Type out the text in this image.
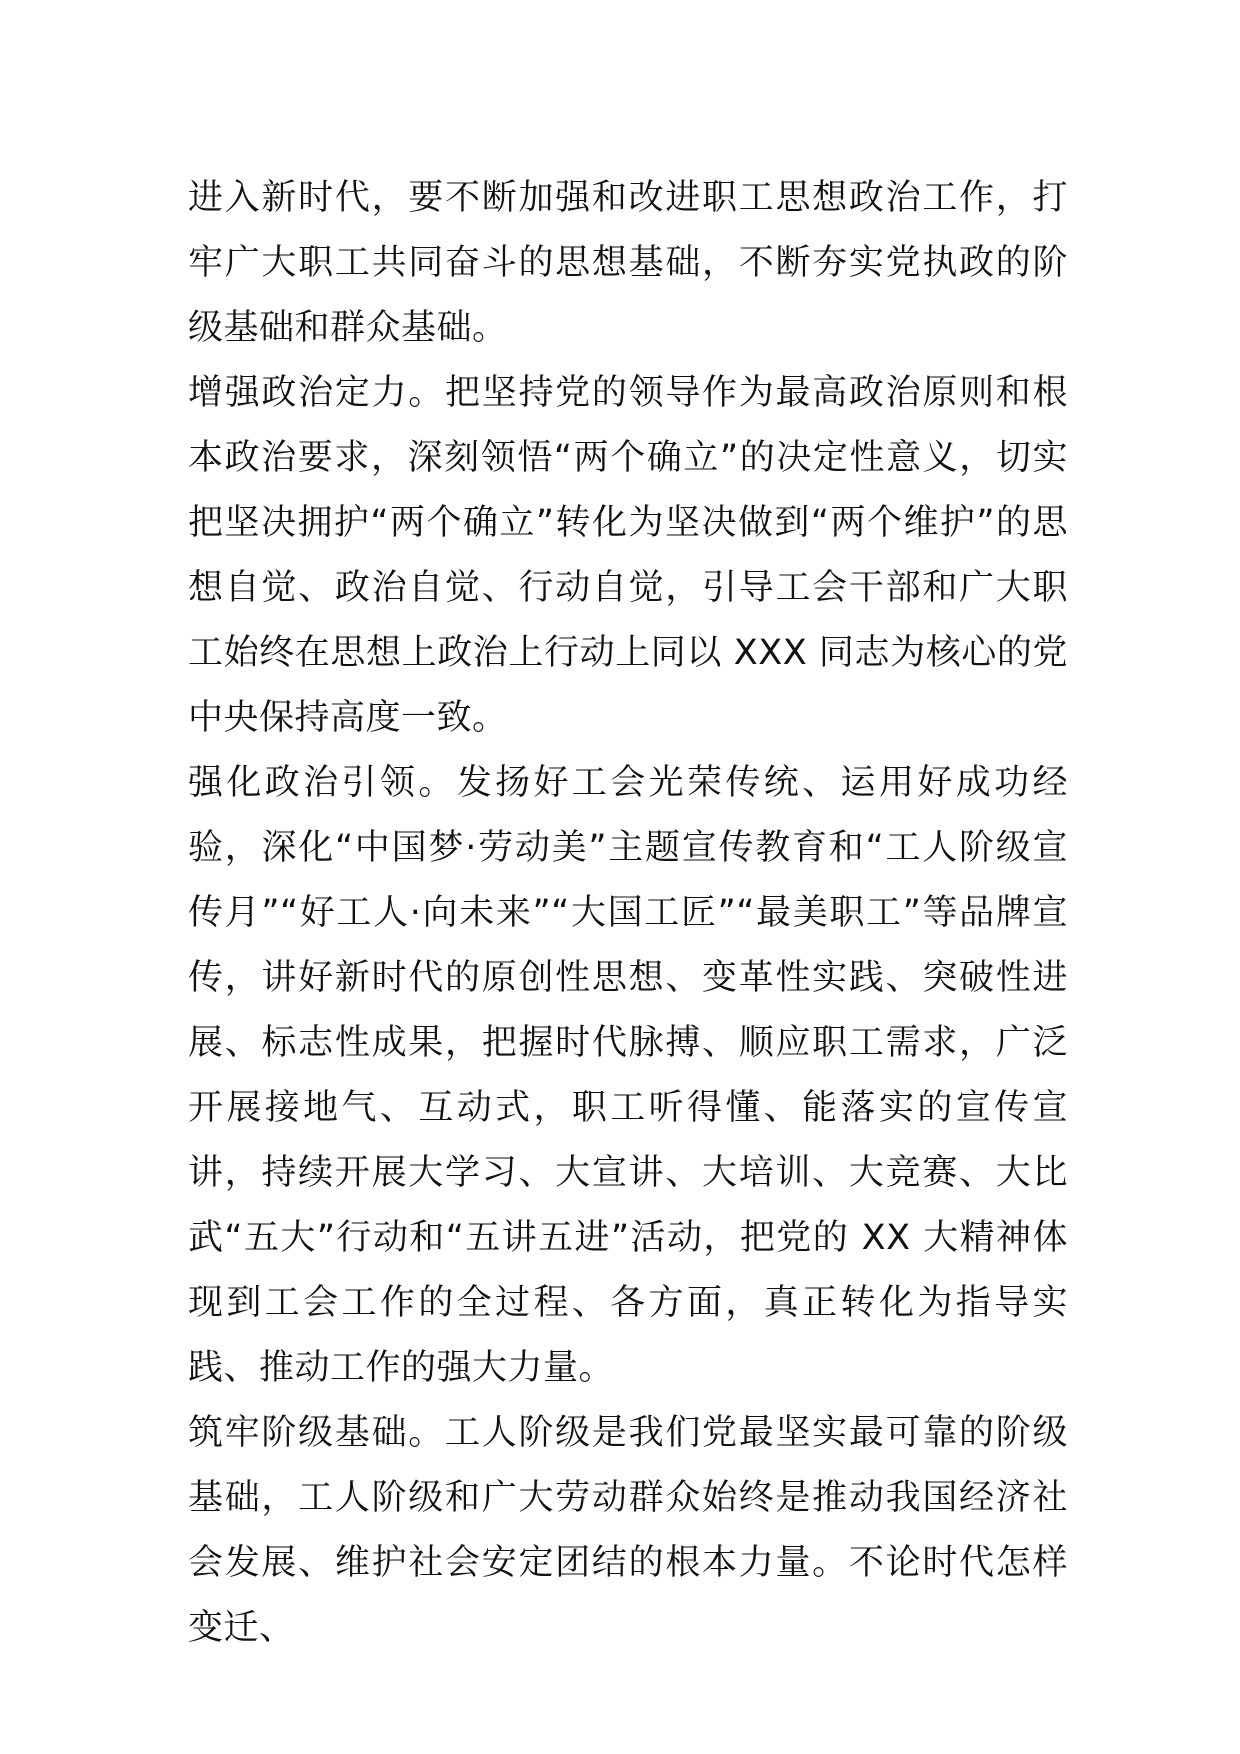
进入新时代，要不断加强和改进职工思想政治工作，打牢广大职工共同奋斗的思想基础，不断夯实党执政的阶级基础和群众基础。

增强政治定力。把坚持党的领导作为最高政治原则和根本政治要求，深刻领悟“两个确立”的决定性意义，切实把坚决拥护“两个确立”转化为坚决做到“两个维护”的思想自觉、政治自觉、行动自觉，引导工会干部和广大职工始终在思想上政治上行动上同以 XXX 同志为核心的党中央保持高度一致。

强化政治引领。发扬好工会光荣传统、运用好成功经验，深化“中国梦·劳动美”主题宣传教育和“工人阶级宣传月”“好工人·向未来”“大国工匠”“最美职工”等品牌宣传，讲好新时代的原创性思想、变革性实践、突破性进展、标志性成果，把握时代脉搏、顺应职工需求，广泛开展接地气、互动式，职工听得懂、能落实的宣传宣讲，持续开展大学习、大宣讲、大培训、大竞赛、大比武“五大”行动和“五讲五进”活动，把党的 XX 大精神体现到工会工作的全过程、各方面，真正转化为指导实践、推动工作的强大力量。

筑牢阶级基础。工人阶级是我们党最坚实最可靠的阶级基础，工人阶级和广大劳动群众始终是推动我国经济社会发展、维护社会安定团结的根本力量。不论时代怎样变迁、
